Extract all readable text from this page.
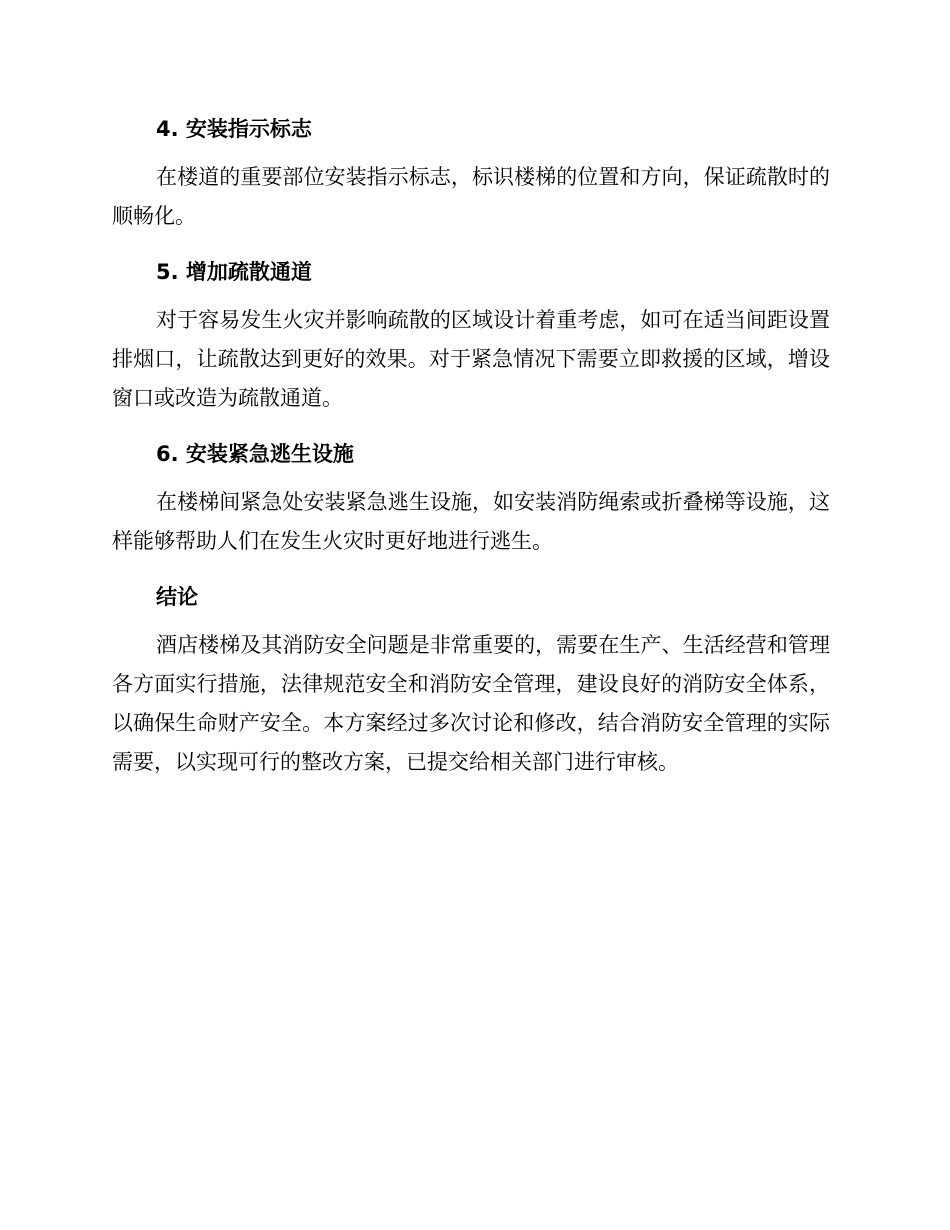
4. 安装指示标志

在楼道的重要部位安装指示标志，标识楼梯的位置和方向，保证疏散时的顺畅化。

5. 增加疏散通道

对于容易发生火灾并影响疏散的区域设计着重考虑，如可在适当间距设置排烟口，让疏散达到更好的效果。对于紧急情况下需要立即救援的区域，增设窗口或改造为疏散通道。

6. 安装紧急逃生设施

在楼梯间紧急处安装紧急逃生设施，如安装消防绳索或折叠梯等设施，这样能够帮助人们在发生火灾时更好地进行逃生。

结论

酒店楼梯及其消防安全问题是非常重要的，需要在生产、生活经营和管理各方面实行措施，法律规范安全和消防安全管理，建设良好的消防安全体系，以确保生命财产安全。本方案经过多次讨论和修改，结合消防安全管理的实际需要，以实现可行的整改方案，已提交给相关部门进行审核。
